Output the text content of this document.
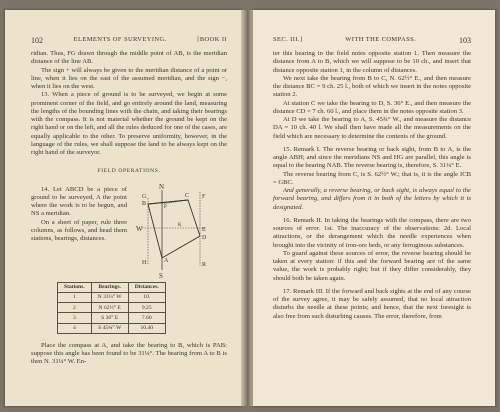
102	ELEMENTS OF SURVEYING.	[BOOK II

ridian. Thus, FG drawn through the middle point of AB, is the meridian distance of the line AB.

The sign + will always be given to the meridian distance of a point or line, when it lies on the east of the assumed meridian, and the sign −, when it lies on the west.

13. When a piece of ground is to be surveyed, we begin at some prominent corner of the field, and go entirely around the land, measuring the lengths of the bounding lines with the chain, and taking their bearings with the compass. It is not material whether the ground be kept on the right hand or on the left, and all the rules deduced for one of the cases, are equally applicable to the other. To preserve uniformity, however, in the language of the rules, we shall suppose the land to be always kept on the right hand of the surveyor.

FIELD OPERATIONS.

14. Let ABCD be a piece of ground to be surveyed, A the point where the work is to be begun, and NS a meridian.

On a sheet of paper, rule three columns, as follows, and head them stations, bearings, distances.

N
S
W	E
C F
G
B
H
D
R
K
A
P
Stations.	Bearings.	Distances.
1	N 31¼° W	10.
2	N 62½° E	9.25
3	S 36° E	7.60
4	S 45¾° W	10.40

Place the compass at A, and take the bearing to B, which is PAB: suppose this angle has been found to be 31¼°. The bearing from A to B is then N. 31¼° W. En-

SEC. III.]	WITH THE COMPASS.	103

ter this bearing in the field notes opposite station 1. Then measure the distance from A to B, which we will suppose to be 10 ch., and insert that distance opposite station 1, in the column of distances.

We next take the bearing from B to C, N. 62½° E., and then measure the distance BC = 9 ch. 25 l., both of which we insert in the notes opposite station 2.

At station C we take the bearing to D, S. 36° E., and then measure the distance CD = 7 ch. 60 l., and place them in the notes opposite station 3.

At D we take the bearing to A, S. 45¾° W., and measure the distance DA = 10 ch. 40 l. We shall then have made all the measurements on the field which are necessary to determine the contents of the ground.

15. Remark I. The reverse bearing or back sight, from B to A, is the angle ABH; and since the meridians NS and HG are parallel, this angle is equal to the bearing NAB. The reverse bearing is, therefore, S. 31¼° E.

The reverse bearing from C, is S. 62½° W.; that is, it is the angle ICB = GBC.

And generally, a reverse bearing, or back sight, is always equal to the forward bearing, and differs from it in both of the letters by which it is designated.

16. Remark II. In taking the bearings with the compass, there are two sources of error. 1st. The inaccuracy of the observations: 2d. Local attractions, or the derangement which the needle experiences when brought into the vicinity of iron-ore beds, or any ferruginous substances.

To guard against these sources of error, the reverse bearing should be taken at every station: if this and the forward bearing are of the same value, the work is probably right; but if they differ considerably, they should both be taken again.

17. Remark III. If the forward and back sights at the end of any course of the survey agree, it may be safely assumed, that no local attraction disturbs the needle at these points; and hence, that the next foresight is also free from such disturbing causes. The error, therefore, from
